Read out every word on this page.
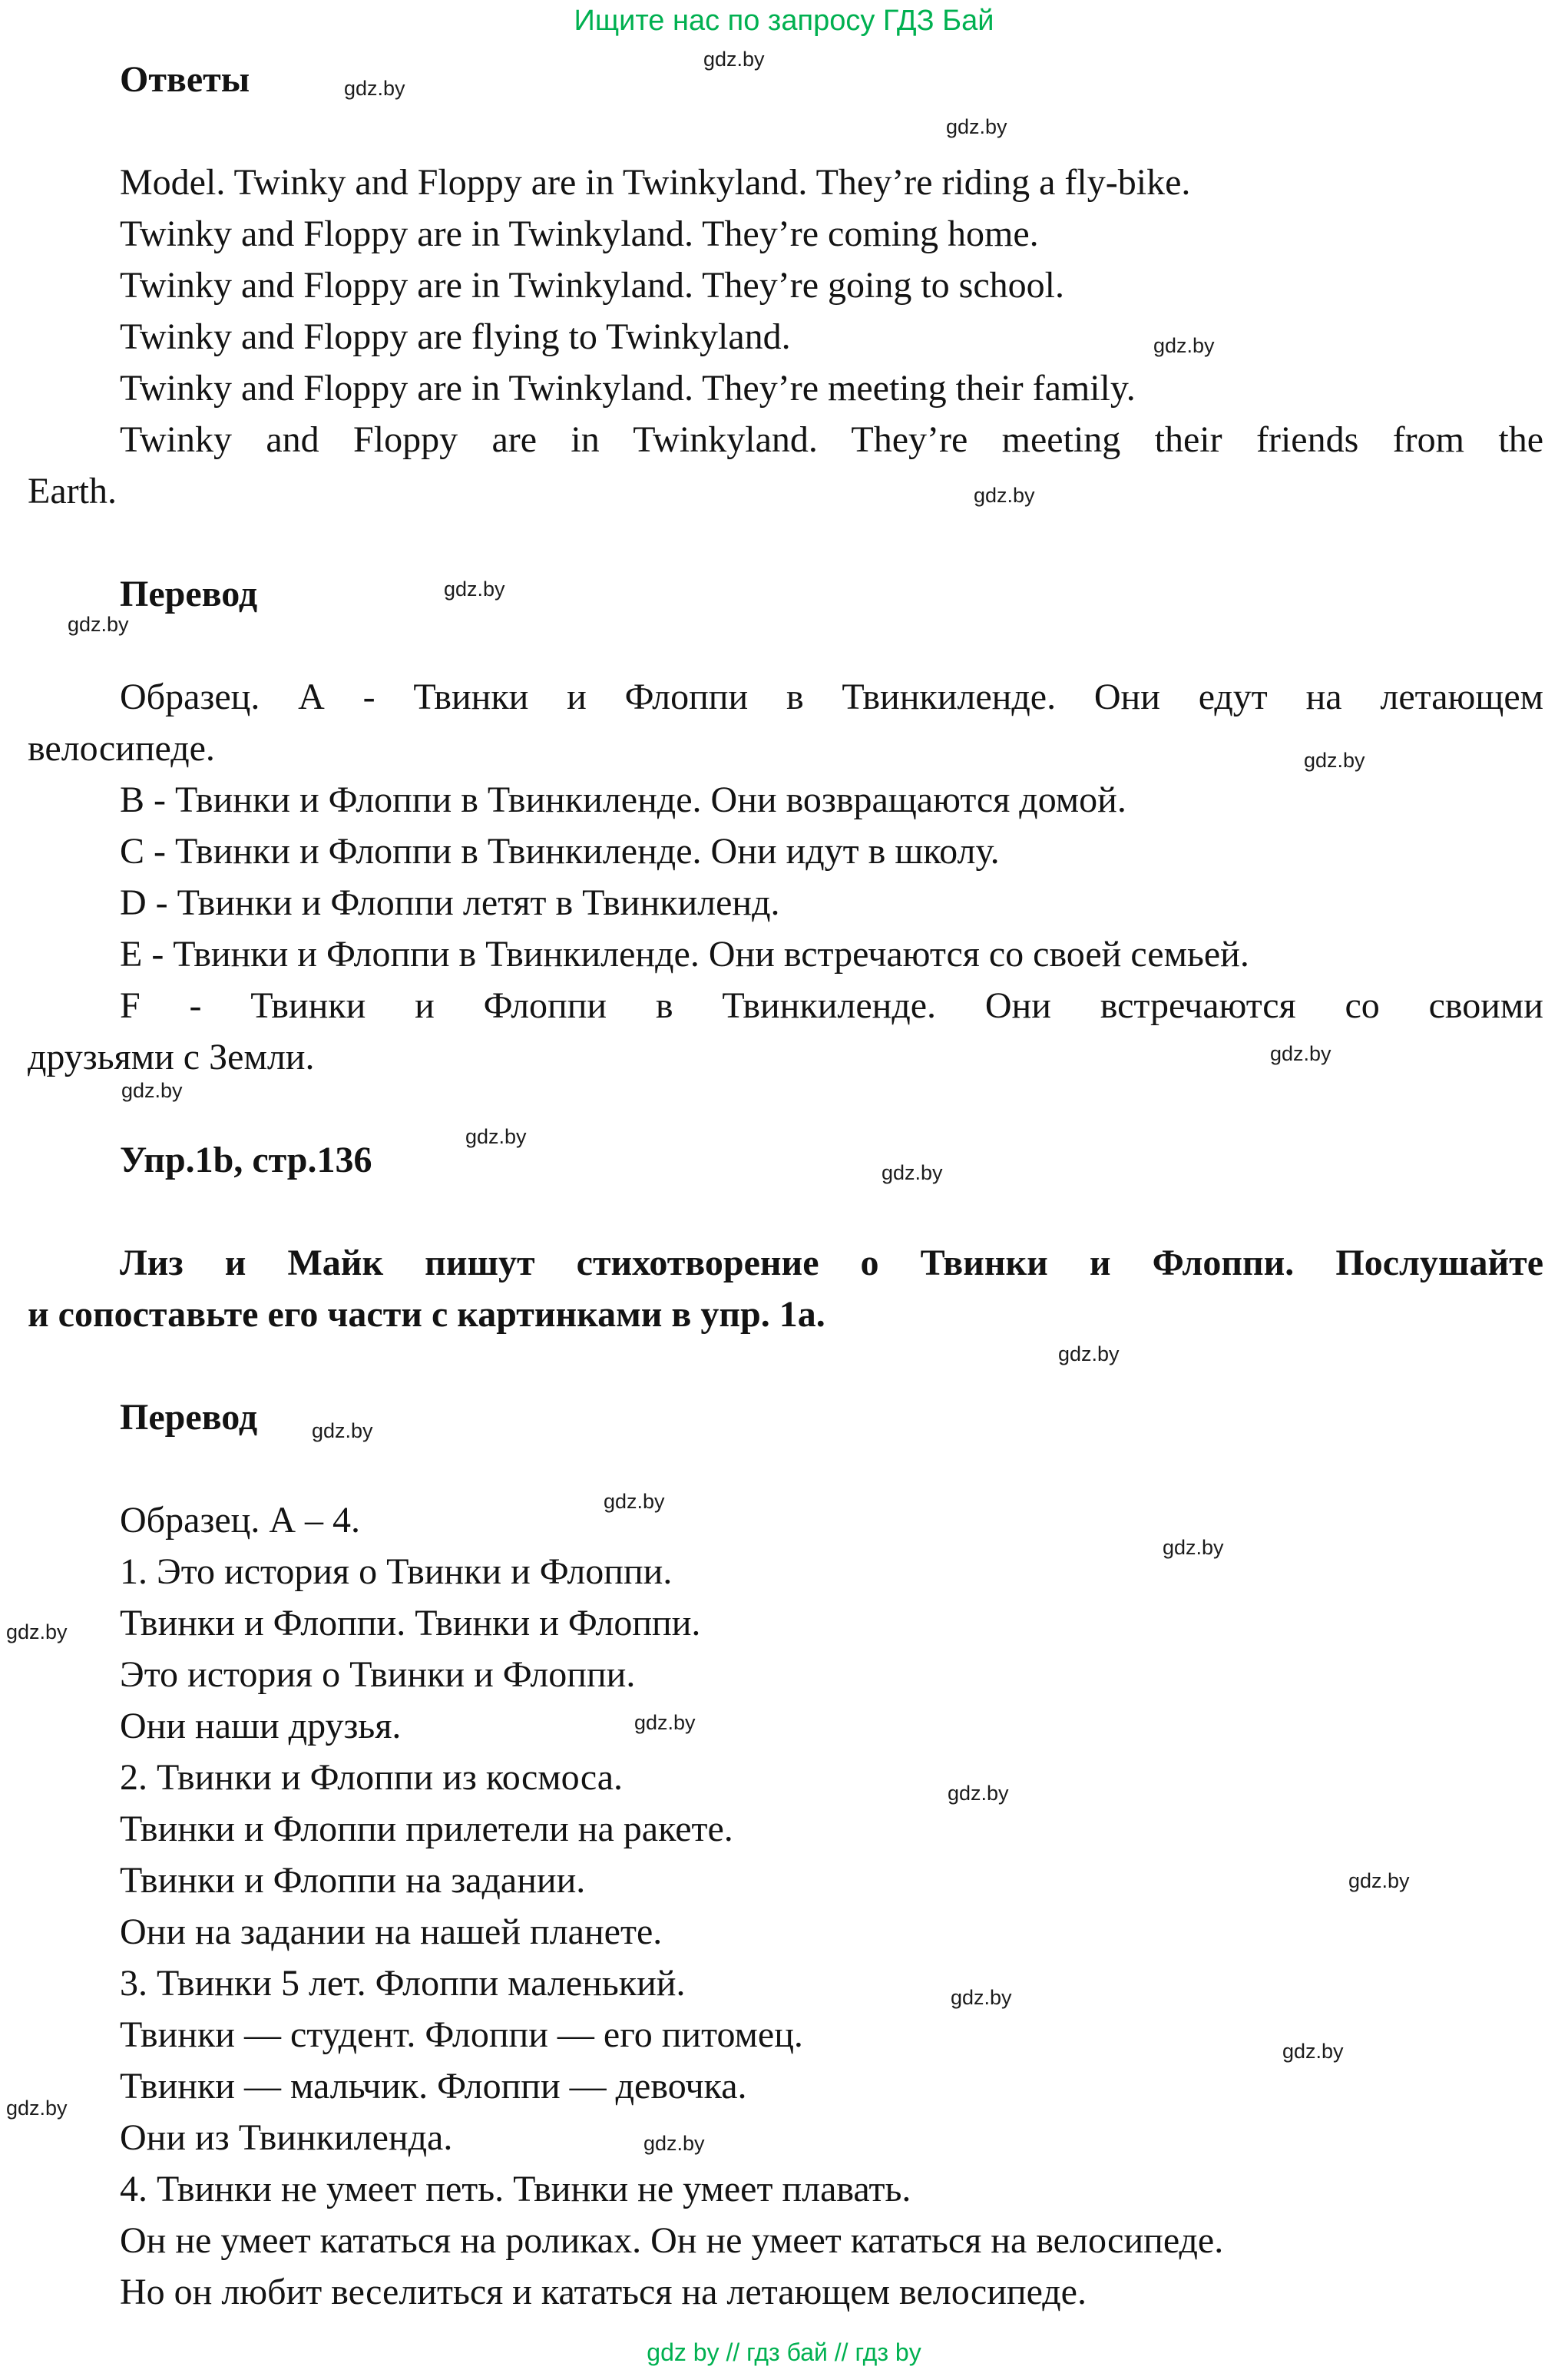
Ищите нас по запросу ГДЗ Бай
Ответы
Model. Twinky and Floppy are in Twinkyland. They’re riding a fly-bike.
Twinky and Floppy are in Twinkyland. They’re coming home.
Twinky and Floppy are in Twinkyland. They’re going to school.
Twinky and Floppy are flying to Twinkyland.
Twinky and Floppy are in Twinkyland. They’re meeting their family.
Twinky and Floppy are in Twinkyland. They’re meeting their friends from the
Earth.
Перевод
Образец. А - Твинки и Флоппи в Твинкиленде. Они едут на летающем
велосипеде.
B - Твинки и Флоппи в Твинкиленде. Они возвращаются домой.
C - Твинки и Флоппи в Твинкиленде. Они идут в школу.
D - Твинки и Флоппи летят в Твинкиленд.
E - Твинки и Флоппи в Твинкиленде. Они встречаются со своей семьей.
F - Твинки и Флоппи в Твинкиленде. Они встречаются со своими
друзьями с Земли.
Упр.1b, стр.136
Лиз и Майк пишут стихотворение о Твинки и Флоппи. Послушайте
и сопоставьте его части с картинками в упр. 1a.
Перевод
Образец. А – 4.
1. Это история о Твинки и Флоппи.
Твинки и Флоппи. Твинки и Флоппи.
Это история о Твинки и Флоппи.
Они наши друзья.
2. Твинки и Флоппи из космоса.
Твинки и Флоппи прилетели на ракете.
Твинки и Флоппи на задании.
Они на задании на нашей планете.
3. Твинки 5 лет. Флоппи маленький.
Твинки — студент. Флоппи — его питомец.
Твинки — мальчик. Флоппи — девочка.
Они из Твинкиленда.
4. Твинки не умеет петь. Твинки не умеет плавать.
Он не умеет кататься на роликах. Он не умеет кататься на велосипеде.
Но он любит веселиться и кататься на летающем велосипеде.
gdz.by
gdz.by
gdz.by
gdz.by
gdz.by
gdz.by
gdz.by
gdz.by
gdz.by
gdz.by
gdz.by
gdz.by
gdz.by
gdz.by
gdz.by
gdz.by
gdz.by
gdz.by
gdz.by
gdz.by
gdz.by
gdz.by
gdz.by
gdz.by
gdz by // гдз бай // гдз by
